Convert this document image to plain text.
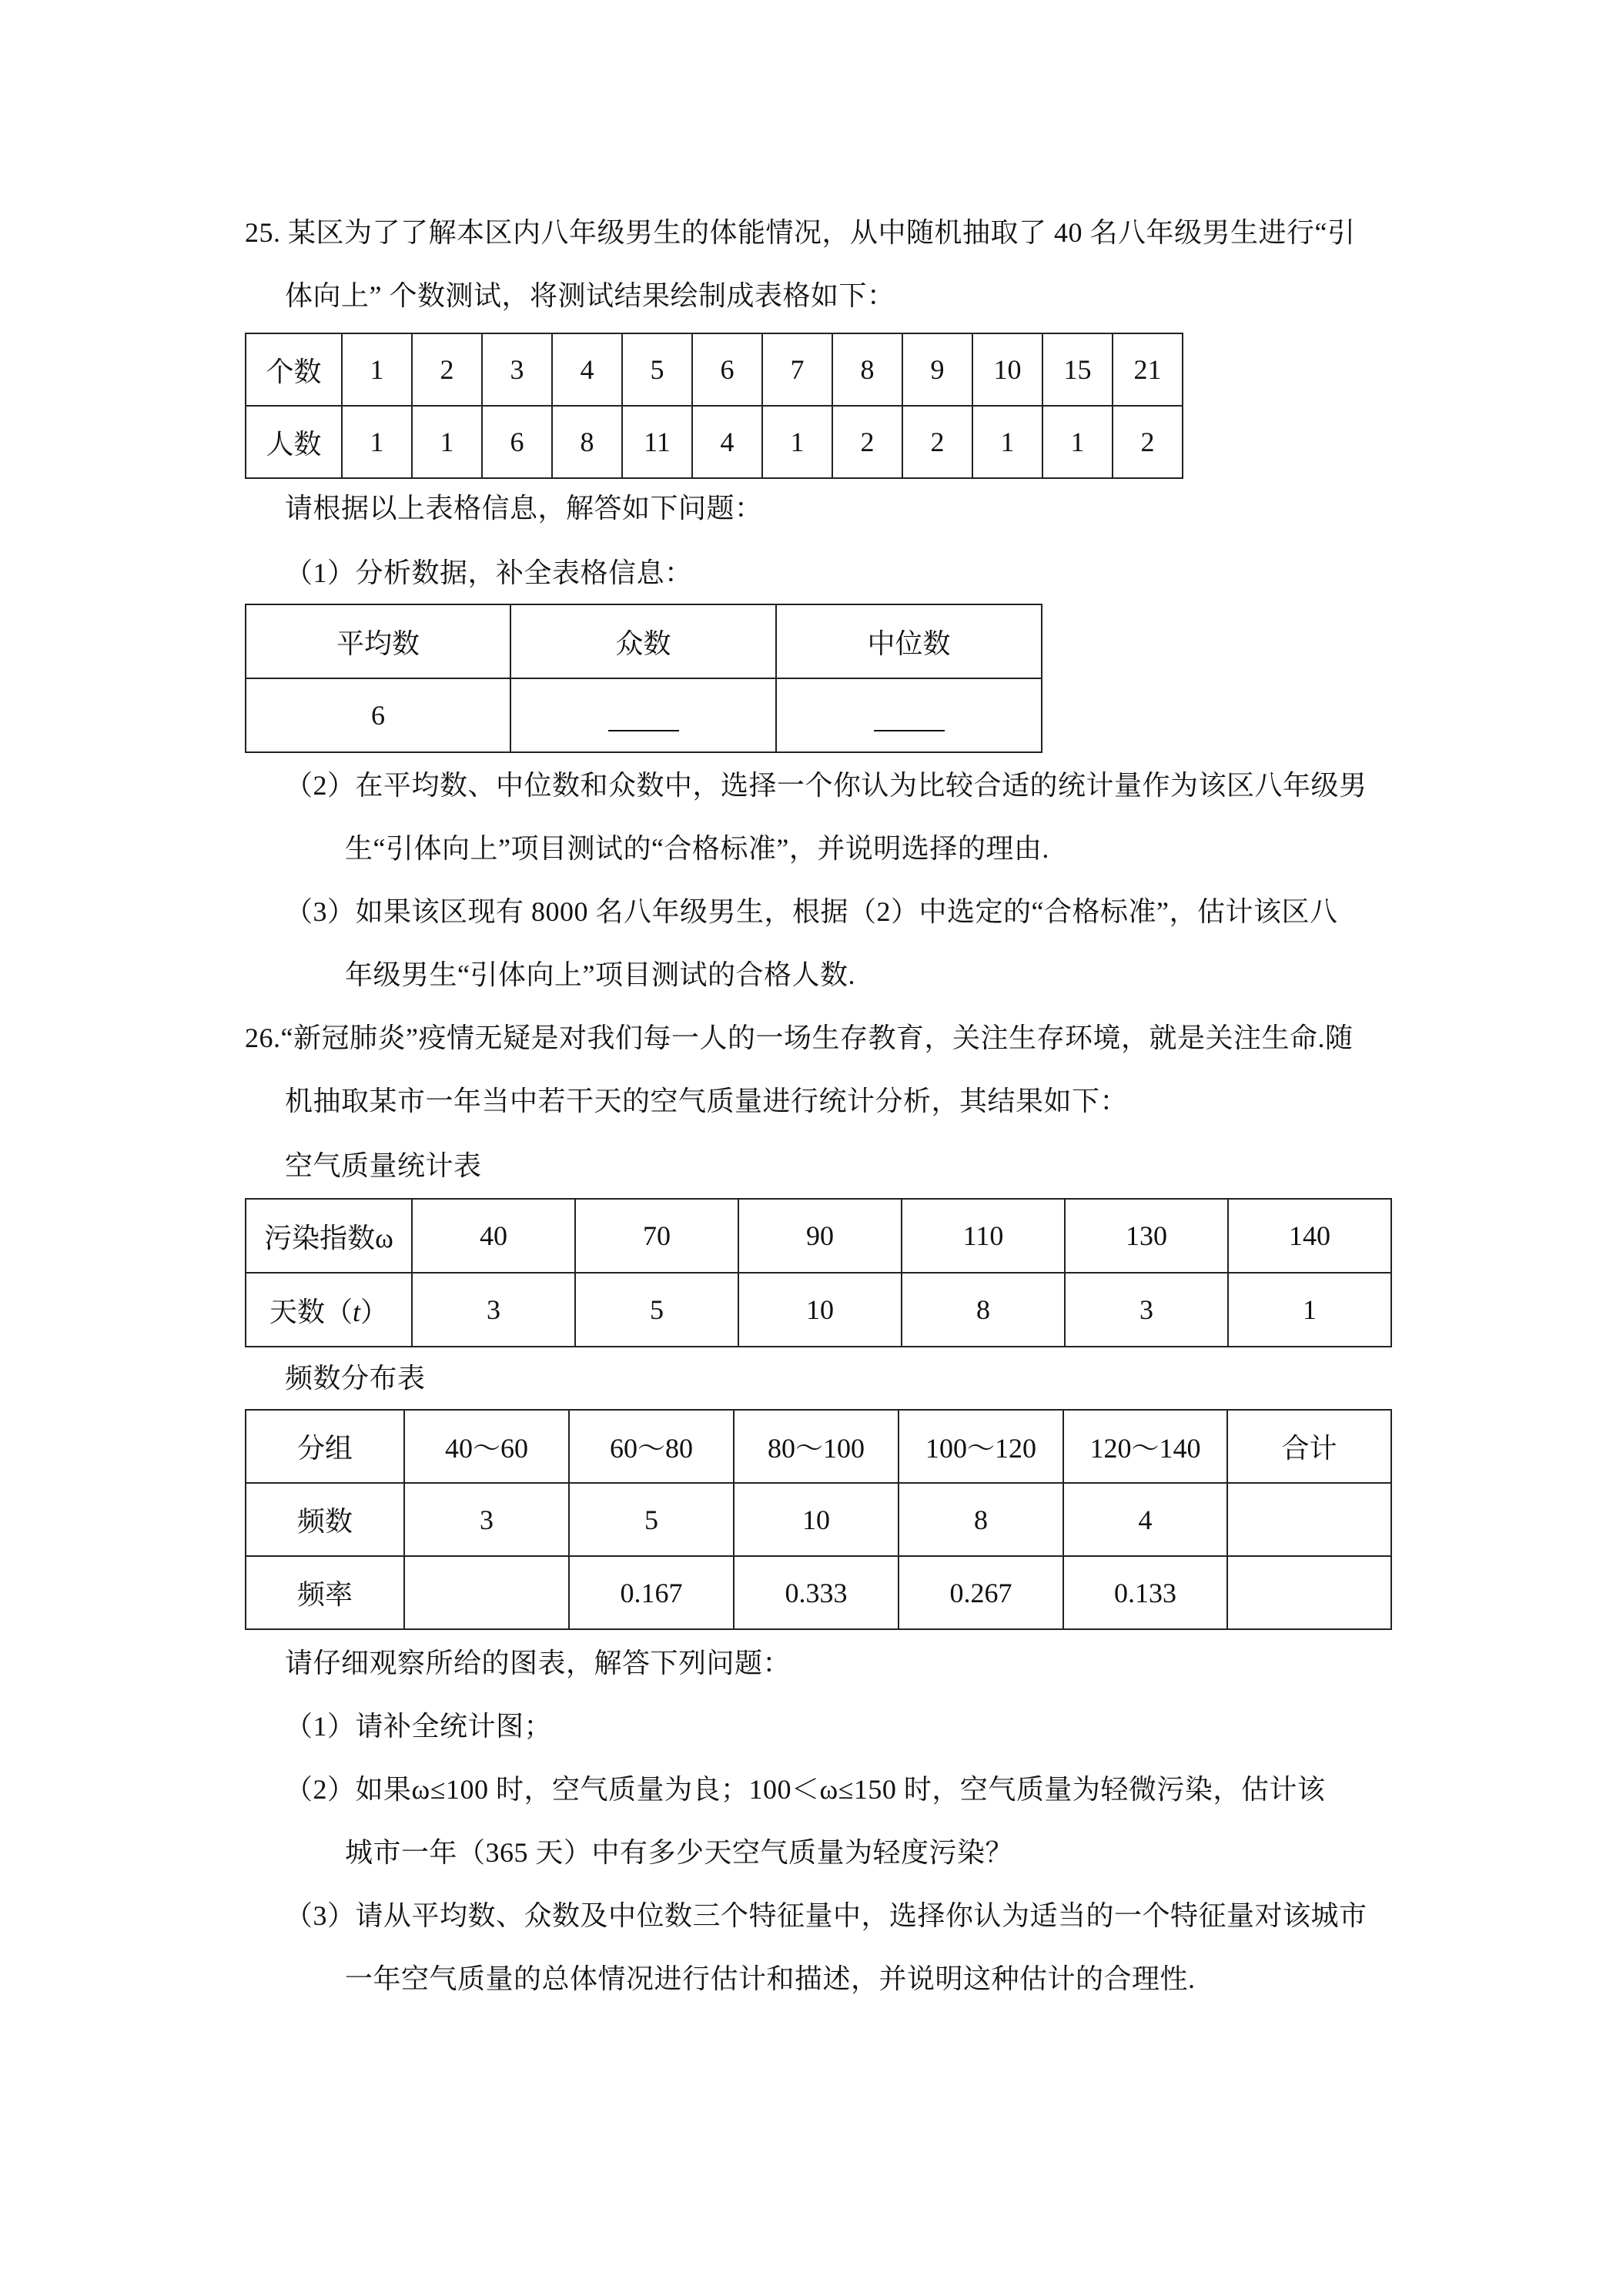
25. 某区为了了解本区内八年级男生的体能情况，从中随机抽取了 40 名八年级男生进行“引
体向上” 个数测试，将测试结果绘制成表格如下：
个数	1	2	3	4	5	6	7	8	9	10	15	21
人数	1	1	6	8	11	4	1	2	2	1	1	2
请根据以上表格信息，解答如下问题：
（1）分析数据，补全表格信息：
平均数	众数	中位数
6		
（2）在平均数、中位数和众数中，选择一个你认为比较合适的统计量作为该区八年级男
生“引体向上”项目测试的“合格标准”，并说明选择的理由.
（3）如果该区现有 8000 名八年级男生，根据（2）中选定的“合格标准”，估计该区八
年级男生“引体向上”项目测试的合格人数.
26.“新冠肺炎”疫情无疑是对我们每一人的一场生存教育，关注生存环境，就是关注生命.随
机抽取某市一年当中若干天的空气质量进行统计分析，其结果如下：
空气质量统计表
污染指数ω	40	70	90	110	130	140
天数（t）	3	5	10	8	3	1
频数分布表
分组	40～60	60～80	80～100	100～120	120～140	合计
频数	3	5	10	8	4	
频率		0.167	0.333	0.267	0.133	
请仔细观察所给的图表，解答下列问题：
（1）请补全统计图；
（2）如果ω≤100 时，空气质量为良；100＜ω≤150 时，空气质量为轻微污染，估计该
城市一年（365 天）中有多少天空气质量为轻度污染？
（3）请从平均数、众数及中位数三个特征量中，选择你认为适当的一个特征量对该城市
一年空气质量的总体情况进行估计和描述，并说明这种估计的合理性.
